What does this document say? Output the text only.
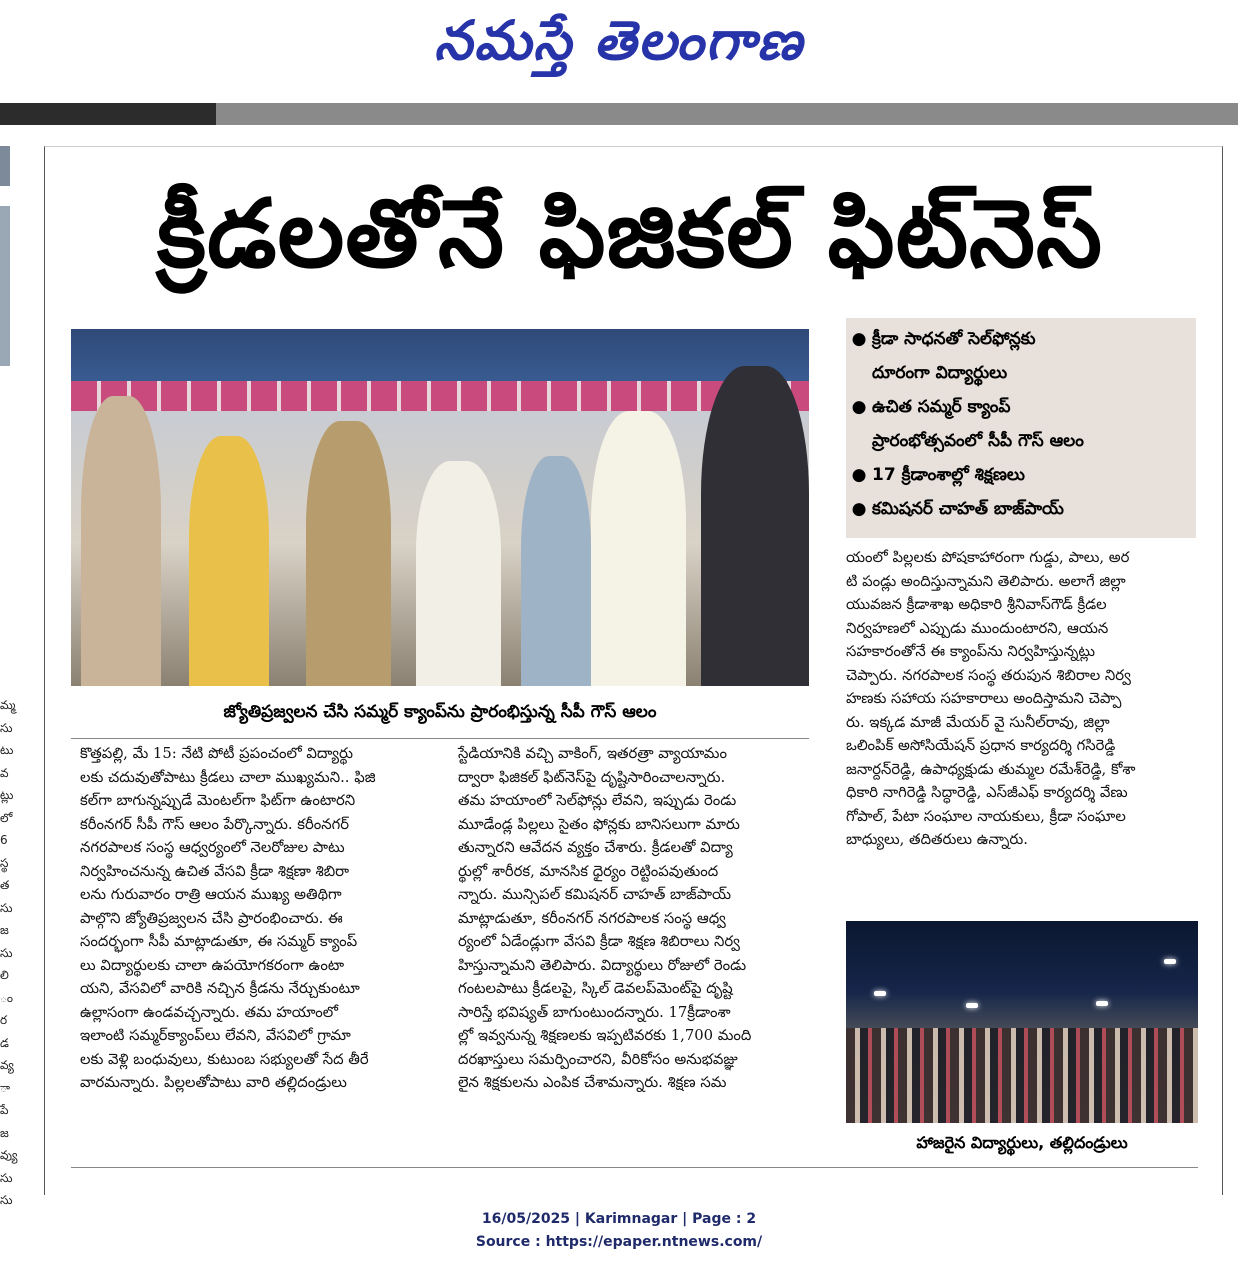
నమస్తే తెలంగాణ
మ్మ
సు
టు
వ
ట్లు
లో
6
స్థ
త
సు
జ
సు
లి
ం
ర
డ
వ్య
ా
పే
జ
వ్యు
సు
సు
క్రీడలతోనే ఫిజికల్ ఫిట్‌నెస్
జ్యోతిప్రజ్వలన చేసి సమ్మర్ క్యాంప్‌ను ప్రారంభిస్తున్న సీపీ గౌస్ ఆలం
● క్రీడా సాధనతో సెల్‌ఫోన్లకు
దూరంగా విద్యార్థులు
● ఉచిత సమ్మర్ క్యాంప్
ప్రారంభోత్సవంలో సీపీ గౌస్ ఆలం
● 17 క్రీడాంశాల్లో శిక్షణలు
● కమిషనర్ చాహత్ బాజ్‌పాయ్
కొత్తపల్లి, మే 15: నేటి పోటీ ప్రపంచంలో విద్యార్థు
లకు చదువుతోపాటు క్రీడలు చాలా ముఖ్యమని.. ఫిజి
కల్‌గా బాగున్నప్పుడే మెంటల్‌గా ఫిట్‌గా ఉంటారని
కరీంనగర్ సీపీ గౌస్ ఆలం పేర్కొన్నారు. కరీంనగర్
నగరపాలక సంస్థ ఆధ్వర్యంలో నెలరోజుల పాటు
నిర్వహించనున్న ఉచిత వేసవి క్రీడా శిక్షణా శిబిరా
లను గురువారం రాత్రి ఆయన ముఖ్య అతిథిగా
పాల్గొని జ్యోతిప్రజ్వలన చేసి ప్రారంభించారు. ఈ
సందర్భంగా సీపీ మాట్లాడుతూ, ఈ సమ్మర్ క్యాంప్
లు విద్యార్థులకు చాలా ఉపయోగకరంగా ఉంటా
యని, వేసవిలో వారికి నచ్చిన క్రీడను నేర్చుకుంటూ
ఉల్లాసంగా ఉండవచ్చన్నారు. తమ హయాంలో
ఇలాంటి సమ్మర్‌క్యాంప్‌లు లేవని, వేసవిలో గ్రామా
లకు వెళ్లి బంధువులు, కుటుంబ సభ్యులతో సేద తీరే
వారమన్నారు. పిల్లలతోపాటు వారి తల్లిదండ్రులు
స్టేడియానికి వచ్చి వాకింగ్, ఇతరత్రా వ్యాయామం
ద్వారా ఫిజికల్ ఫిట్‌నెస్‌పై దృష్టిసారించాలన్నారు.
తమ హయాంలో సెల్‌ఫోన్లు లేవని, ఇప్పుడు రెండు
మూడేండ్ల పిల్లలు సైతం ఫోన్లకు బానిసలుగా మారు
తున్నారని ఆవేదన వ్యక్తం చేశారు. క్రీడలతో విద్యా
ర్థుల్లో శారీరక, మానసిక ధైర్యం రెట్టింపవుతుంద
న్నారు. మున్సిపల్ కమిషనర్ చాహత్ బాజ్‌పాయ్
మాట్లాడుతూ, కరీంనగర్ నగరపాలక సంస్థ ఆధ్వ
ర్యంలో ఏడేండ్లుగా వేసవి క్రీడా శిక్షణ శిబిరాలు నిర్వ
హిస్తున్నామని తెలిపారు. విద్యార్థులు రోజులో రెండు
గంటలపాటు క్రీడలపై, స్కిల్ డెవలప్‌మెంట్‌పై దృష్టి
సారిస్తే భవిష్యత్ బాగుంటుందన్నారు. 17క్రీడాంశా
ల్లో ఇవ్వనున్న శిక్షణలకు ఇప్పటివరకు 1,700 మంది
దరఖాస్తులు సమర్పించారని, వీరికోసం అనుభవజ్ఞు
లైన శిక్షకులను ఎంపిక చేశామన్నారు. శిక్షణ సమ
యంలో పిల్లలకు పోషకాహారంగా గుడ్డు, పాలు, అర
టి పండ్లు అందిస్తున్నామని తెలిపారు. అలాగే జిల్లా
యువజన క్రీడాశాఖ అధికారి శ్రీనివాస్‌గౌడ్ క్రీడల
నిర్వహణలో ఎప్పుడు ముందుంటారని, ఆయన
సహకారంతోనే ఈ క్యాంప్‌ను నిర్వహిస్తున్నట్లు
చెప్పారు. నగరపాలక సంస్థ తరుపున శిబిరాల నిర్వ
హణకు సహాయ సహకారాలు అందిస్తామని చెప్పా
రు. ఇక్కడ మాజీ మేయర్ వై సునీల్‌రావు, జిల్లా
ఒలింపిక్ అసోసియేషన్ ప్రధాన కార్యదర్శి గసిరెడ్డి
జనార్దన్‌రెడ్డి, ఉపాధ్యక్షుడు తుమ్మల రమేశ్‌రెడ్డి, కోశా
ధికారి నాగిరెడ్డి సిద్ధారెడ్డి, ఎస్‌జీఎఫ్ కార్యదర్శి వేణు
గోపాల్, పేటా సంఘాల నాయకులు, క్రీడా సంఘాల
బాధ్యులు, తదితరులు ఉన్నారు.
హాజరైన విద్యార్థులు, తల్లిదండ్రులు
16/05/2025 | Karimnagar | Page : 2
Source : https://epaper.ntnews.com/
